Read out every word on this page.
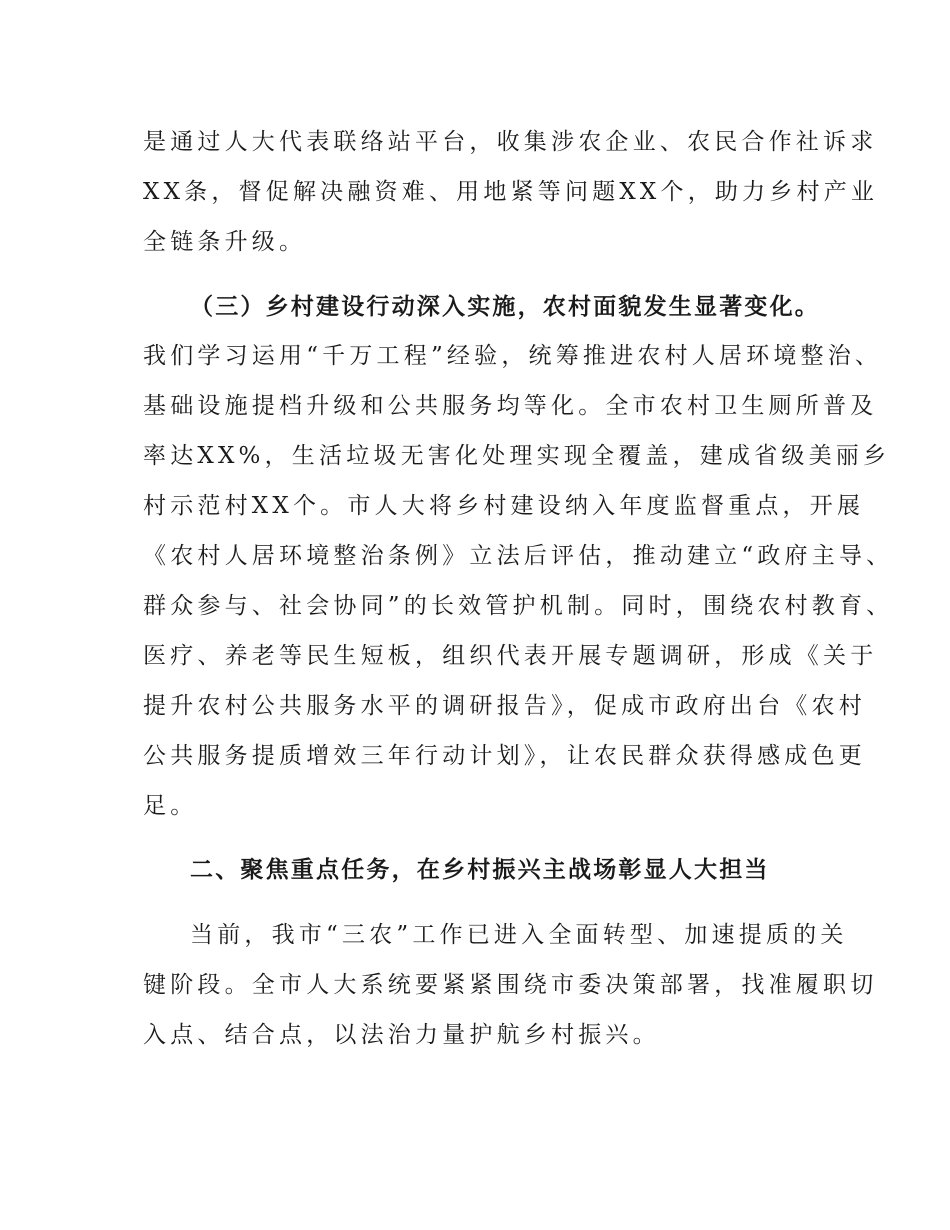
是通过人大代表联络站平台，收集涉农企业、农民合作社诉求
XX条，督促解决融资难、用地紧等问题XX个，助力乡村产业
全链条升级。
（三）乡村建设行动深入实施，农村面貌发生显著变化。
我们学习运用“千万工程”经验，统筹推进农村人居环境整治、
基础设施提档升级和公共服务均等化。全市农村卫生厕所普及
率达XX%，生活垃圾无害化处理实现全覆盖，建成省级美丽乡
村示范村XX个。市人大将乡村建设纳入年度监督重点，开展
《农村人居环境整治条例》立法后评估，推动建立“政府主导、
群众参与、社会协同”的长效管护机制。同时，围绕农村教育、
医疗、养老等民生短板，组织代表开展专题调研，形成《关于
提升农村公共服务水平的调研报告》，促成市政府出台《农村
公共服务提质增效三年行动计划》，让农民群众获得感成色更
足。
二、聚焦重点任务，在乡村振兴主战场彰显人大担当
当前，我市“三农”工作已进入全面转型、加速提质的关
键阶段。全市人大系统要紧紧围绕市委决策部署，找准履职切
入点、结合点，以法治力量护航乡村振兴。
